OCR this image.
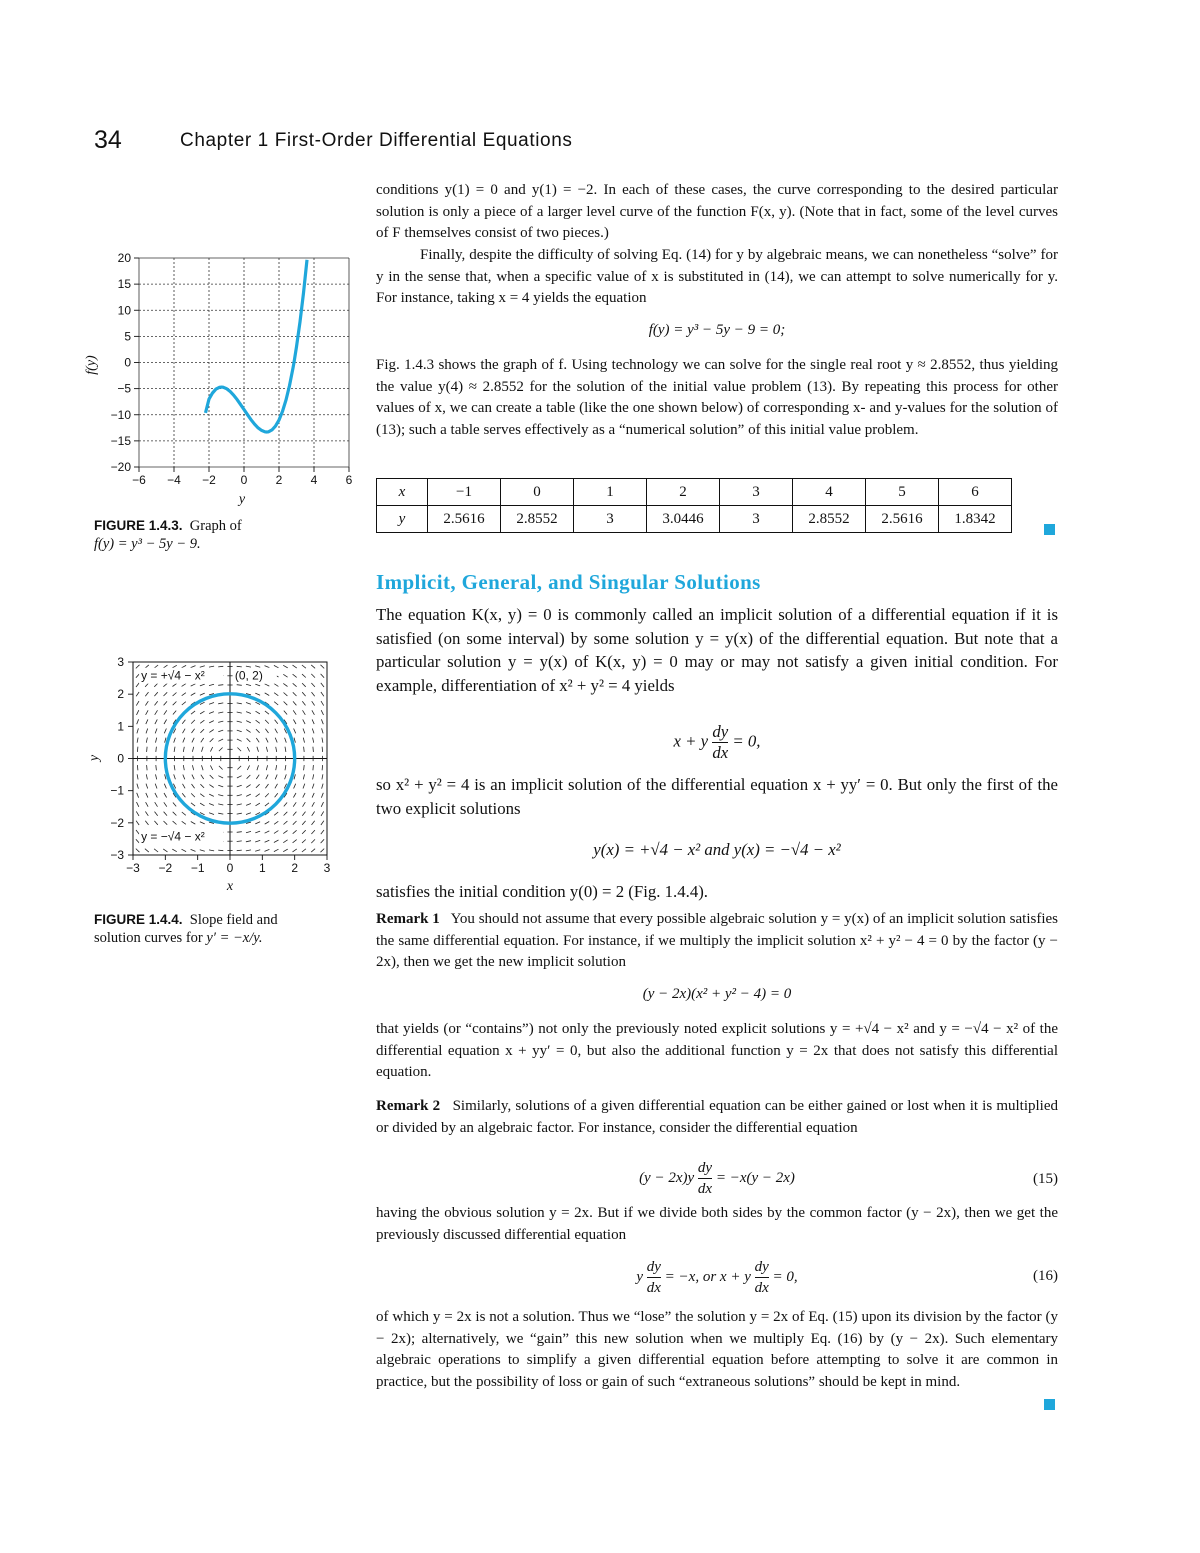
34	Chapter 1 First-Order Differential Equations
−6 −4 −2 0 2 4 6
20
15
10
5
0
−5
−10
−15
−20
y
f(y)
FIGURE 1.4.3. Graph of
f(y) = y³ − 5y − 9.
−3
3
−2
2
−1
1
0
0
1
−1
2
−2
3
−3
y = +√4 − x²	(0, 2)
y = −√4 − x²
x
y
FIGURE 1.4.4. Slope field and
solution curves for y′ = −x/y.
conditions y(1) = 0 and y(1) = −2. In each of these cases, the curve corresponding to the desired particular solution is only a piece of a larger level curve of the function F(x, y). (Note that in fact, some of the level curves of F themselves consist of two pieces.)
Finally, despite the difficulty of solving Eq. (14) for y by algebraic means, we can nonetheless “solve” for y in the sense that, when a specific value of x is substituted in (14), we can attempt to solve numerically for y. For instance, taking x = 4 yields the equation
f(y) = y³ − 5y − 9 = 0;
Fig. 1.4.3 shows the graph of f. Using technology we can solve for the single real root y ≈ 2.8552, thus yielding the value y(4) ≈ 2.8552 for the solution of the initial value problem (13). By repeating this process for other values of x, we can create a table (like the one shown below) of corresponding x- and y-values for the solution of (13); such a table serves effectively as a “numerical solution” of this initial value problem.
x	−1	0	1	2	3	4	5	6
y	2.5616	2.8552	3	3.0446	3	2.8552	2.5616	1.8342
Implicit, General, and Singular Solutions
The equation K(x, y) = 0 is commonly called an implicit solution of a differential equation if it is satisfied (on some interval) by some solution y = y(x) of the differential equation. But note that a particular solution y = y(x) of K(x, y) = 0 may or may not satisfy a given initial condition. For example, differentiation of x² + y² = 4 yields
x + y $\frac{dy}{dx} = 0$,
so x² + y² = 4 is an implicit solution of the differential equation x + yy′ = 0. But only the first of the two explicit solutions
y(x) = +√4 − x² and y(x) = −√4 − x²
satisfies the initial condition y(0) = 2 (Fig. 1.4.4).
Remark 1 You should not assume that every possible algebraic solution y = y(x) of an implicit solution satisfies the same differential equation. For instance, if we multiply the implicit solution x² + y² − 4 = 0 by the factor (y − 2x), then we get the new implicit solution
(y − 2x)(x² + y² − 4) = 0
that yields (or “contains”) not only the previously noted explicit solutions y = +√4 − x² and y = −√4 − x² of the differential equation x + yy′ = 0, but also the additional function y = 2x that does not satisfy this differential equation.
Remark 2 Similarly, solutions of a given differential equation can be either gained or lost when it is multiplied or divided by an algebraic factor. For instance, consider the differential equation
$(y - 2x)y \frac{dy}{dx} = -x(y - 2x)$	(15)
having the obvious solution y = 2x. But if we divide both sides by the common factor (y − 2x), then we get the previously discussed differential equation
y $\frac{dy}{dx} = -x$, or x + y $\frac{dy}{dx} = 0$,	(16)
of which y = 2x is not a solution. Thus we “lose” the solution y = 2x of Eq. (15) upon its division by the factor (y − 2x); alternatively, we “gain” this new solution when we multiply Eq. (16) by (y − 2x). Such elementary algebraic operations to simplify a given differential equation before attempting to solve it are common in practice, but the possibility of loss or gain of such “extraneous solutions” should be kept in mind.
